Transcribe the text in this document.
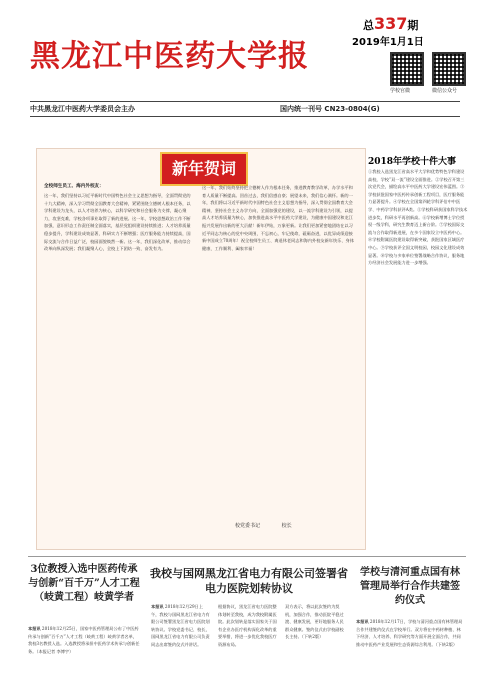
总337期
2019年1月1日
黑龙江中医药大学报
学校官微	微信公众号
中共黑龙江中医药大学委员会主办	国内统一刊号 CN23-0804(G)
新年贺词
全校师生员工、海内外校友：
这一年，我们坚持以习近平新时代中国特色社会主义思想为指导，全面贯彻党的十九大精神，深入学习贯彻全国教育大会精神，紧紧围绕立德树人根本任务，以学科建设为龙头，以人才培养为核心，以科学研究和社会服务为支撑，凝心聚力，攻坚克难，学校各项事业取得了新的进展。这一年，学校思想政治工作不断加强，意识形态工作责任制全面落实，基层党组织建设持续推进；人才培养质量稳步提升，学科建设成效显著，科研实力不断增强；医疗服务能力持续提高，国际交流与合作日益广泛，校园面貌焕然一新。这一年，我们深化改革，推动综合改革向纵深发展；我们凝聚人心，全校上下团结一致、奋发有为。
这一年，我们始终坚持把立德树人作为根本任务，推进教育教学改革，办学水平和育人质量不断提高。回首过去，我们倍感自豪；展望未来，我们信心满怀。新的一年，我们将以习近平新时代中国特色社会主义思想为指导，深入贯彻全国教育大会精神，坚持社会主义办学方向，全面加强党的建设，以一流学科建设为引领，以提高人才培养质量为核心，加快推进高水平中医药大学建设，为健康中国建设和龙江振兴发展作出新的更大贡献！新年伊始，万象更新。让我们更加紧密地团结在以习近平同志为核心的党中央周围，不忘初心，牢记使命，砥砺奋进，以优异成绩迎接新中国成立70周年！祝全校师生员工、离退休老同志和海内外校友新年快乐、身体健康、工作顺利、阖家幸福！
校党委书记 　　　　校长
2018年学校十件大事
①我校入选黑龙江省高水平大学和优势特色学科建设高校，学校“双一流”建设全面推进。②学校召开第三次党代会，描绘高水平中医药大学建设宏伟蓝图。③学校获批国家中医药传承创新工程项目，医疗服务能力显著提升。④学校在全国第四轮学科评估中中医学、中药学学科获评A类。⑤学校科研获国家科学技术进步奖，科研水平再创新高。⑥学校新增博士学位授权一级学科，研究生教育迈上新台阶。⑦学校国际交流与合作取得新进展，在多个国家设立中医药中心。⑧学校附属医院建设取得新突破，获批国家区域医疗中心。⑨学校获评全国文明校园，校园文化建设成效显著。⑩学校与多家单位签署战略合作协议，服务地方经济社会发展能力进一步增强。
3位教授入选中医药传承与创新“百千万”人才工程（岐黄工程）岐黄学者
本报讯 2018年12月25日，国家中医药管理局公布了中医药传承与创新“百千万”人才工程（岐黄工程）岐黄学者名单，我校3名教授入选。入选教授将承担中医药学术传承与创新任务。（本报记者 李博宇）
我校与国网黑龙江省电力有限公司签署省电力医院划转协议
本报讯 2018年12月29日上午，我校与国网黑龙江省电力有限公司签署黑龙江省电力医院划转协议。学校党委书记、校长，国网黑龙江省电力有限公司负责同志出席签约仪式并讲话。
根据协议，黑龙江省电力医院整体划转至我校，成为我校附属医院。此次划转是落实国家关于国有企业办医疗机构深化改革的重要举措，将进一步优化我校医疗资源布局。
双方表示，将以此次签约为契机，加强合作，推动医院平稳过渡、健康发展，更好地服务人民群众健康。签约仪式由学校副校长主持。（下转2版）
学校与清河重点国有林管理局举行合作共建签约仪式
本报讯 2018年12月17日，学校与清河重点国有林管理局合作共建签约仪式在学校举行。双方将在中药材种植、林下经济、人才培养、科学研究等方面开展全面合作，共同推动中医药产业发展和生态资源综合利用。（下转2版）
